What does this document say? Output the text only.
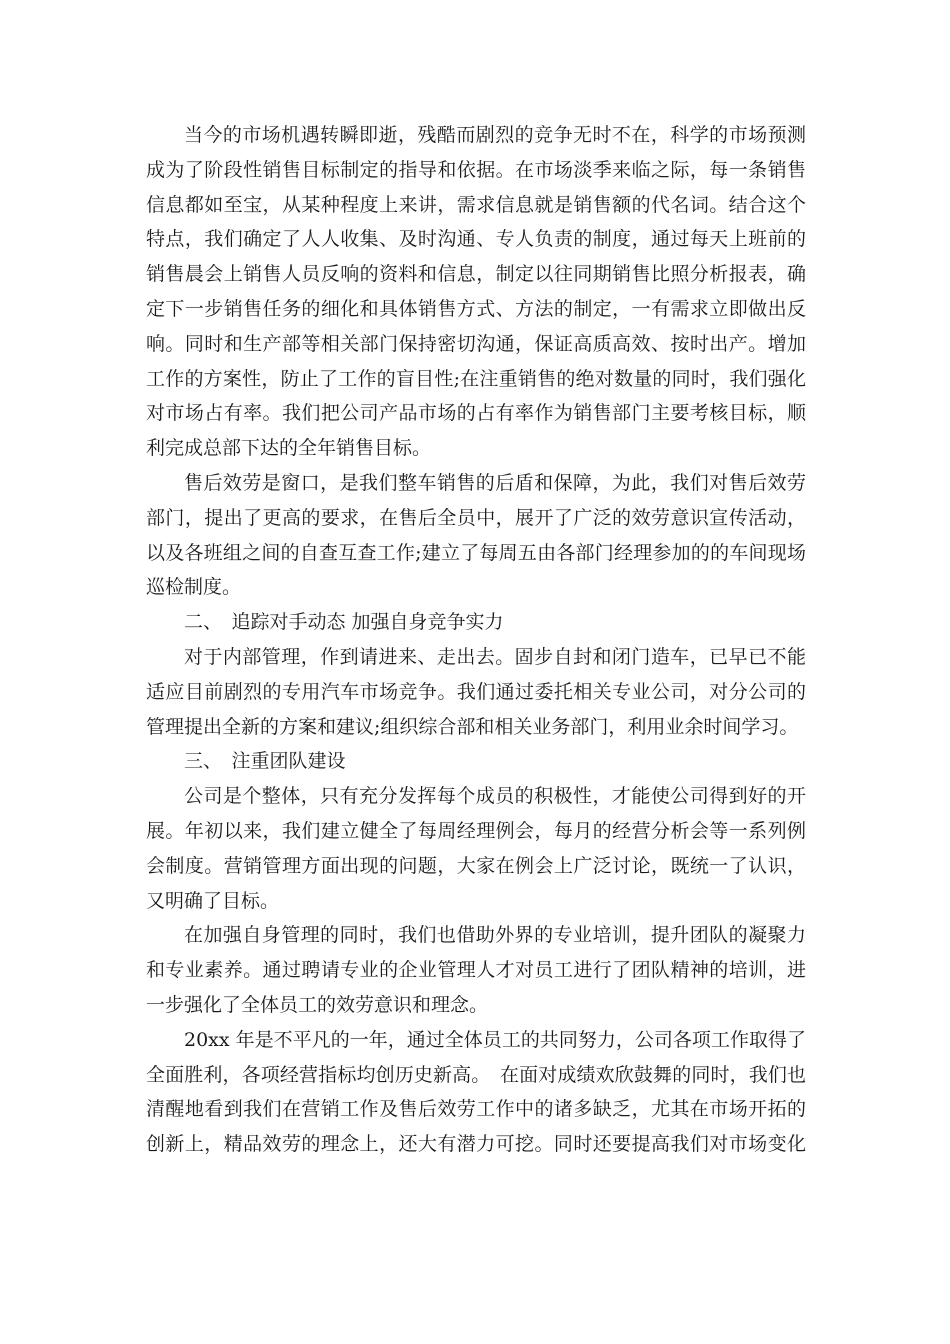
当今的市场机遇转瞬即逝，残酷而剧烈的竞争无时不在，科学的市场预测
成为了阶段性销售目标制定的指导和依据。在市场淡季来临之际，每一条销售
信息都如至宝，从某种程度上来讲，需求信息就是销售额的代名词。结合这个
特点，我们确定了人人收集、及时沟通、专人负责的制度，通过每天上班前的
销售晨会上销售人员反响的资料和信息，制定以往同期销售比照分析报表，确
定下一步销售任务的细化和具体销售方式、方法的制定，一有需求立即做出反
响。同时和生产部等相关部门保持密切沟通，保证高质高效、按时出产。增加
工作的方案性，防止了工作的盲目性;在注重销售的绝对数量的同时，我们强化
对市场占有率。我们把公司产品市场的占有率作为销售部门主要考核目标，顺
利完成总部下达的全年销售目标。
售后效劳是窗口，是我们整车销售的后盾和保障，为此，我们对售后效劳
部门，提出了更高的要求，在售后全员中，展开了广泛的效劳意识宣传活动，
以及各班组之间的自查互查工作;建立了每周五由各部门经理参加的的车间现场
巡检制度。
二、　追踪对手动态 加强自身竞争实力
对于内部管理，作到请进来、走出去。固步自封和闭门造车，已早已不能
适应目前剧烈的专用汽车市场竞争。我们通过委托相关专业公司，对分公司的
管理提出全新的方案和建议;组织综合部和相关业务部门，利用业余时间学习。
三、　注重团队建设
公司是个整体，只有充分发挥每个成员的积极性，才能使公司得到好的开
展。年初以来，我们建立健全了每周经理例会，每月的经营分析会等一系列例
会制度。营销管理方面出现的问题，大家在例会上广泛讨论，既统一了认识，
又明确了目标。
在加强自身管理的同时，我们也借助外界的专业培训，提升团队的凝聚力
和专业素养。通过聘请专业的企业管理人才对员工进行了团队精神的培训，进
一步强化了全体员工的效劳意识和理念。
20xx 年是不平凡的一年，通过全体员工的共同努力，公司各项工作取得了
全面胜利，各项经营指标均创历史新高。　在面对成绩欢欣鼓舞的同时，我们也
清醒地看到我们在营销工作及售后效劳工作中的诸多缺乏，尤其在市场开拓的
创新上，精品效劳的理念上，还大有潜力可挖。同时还要提高我们对市场变化
